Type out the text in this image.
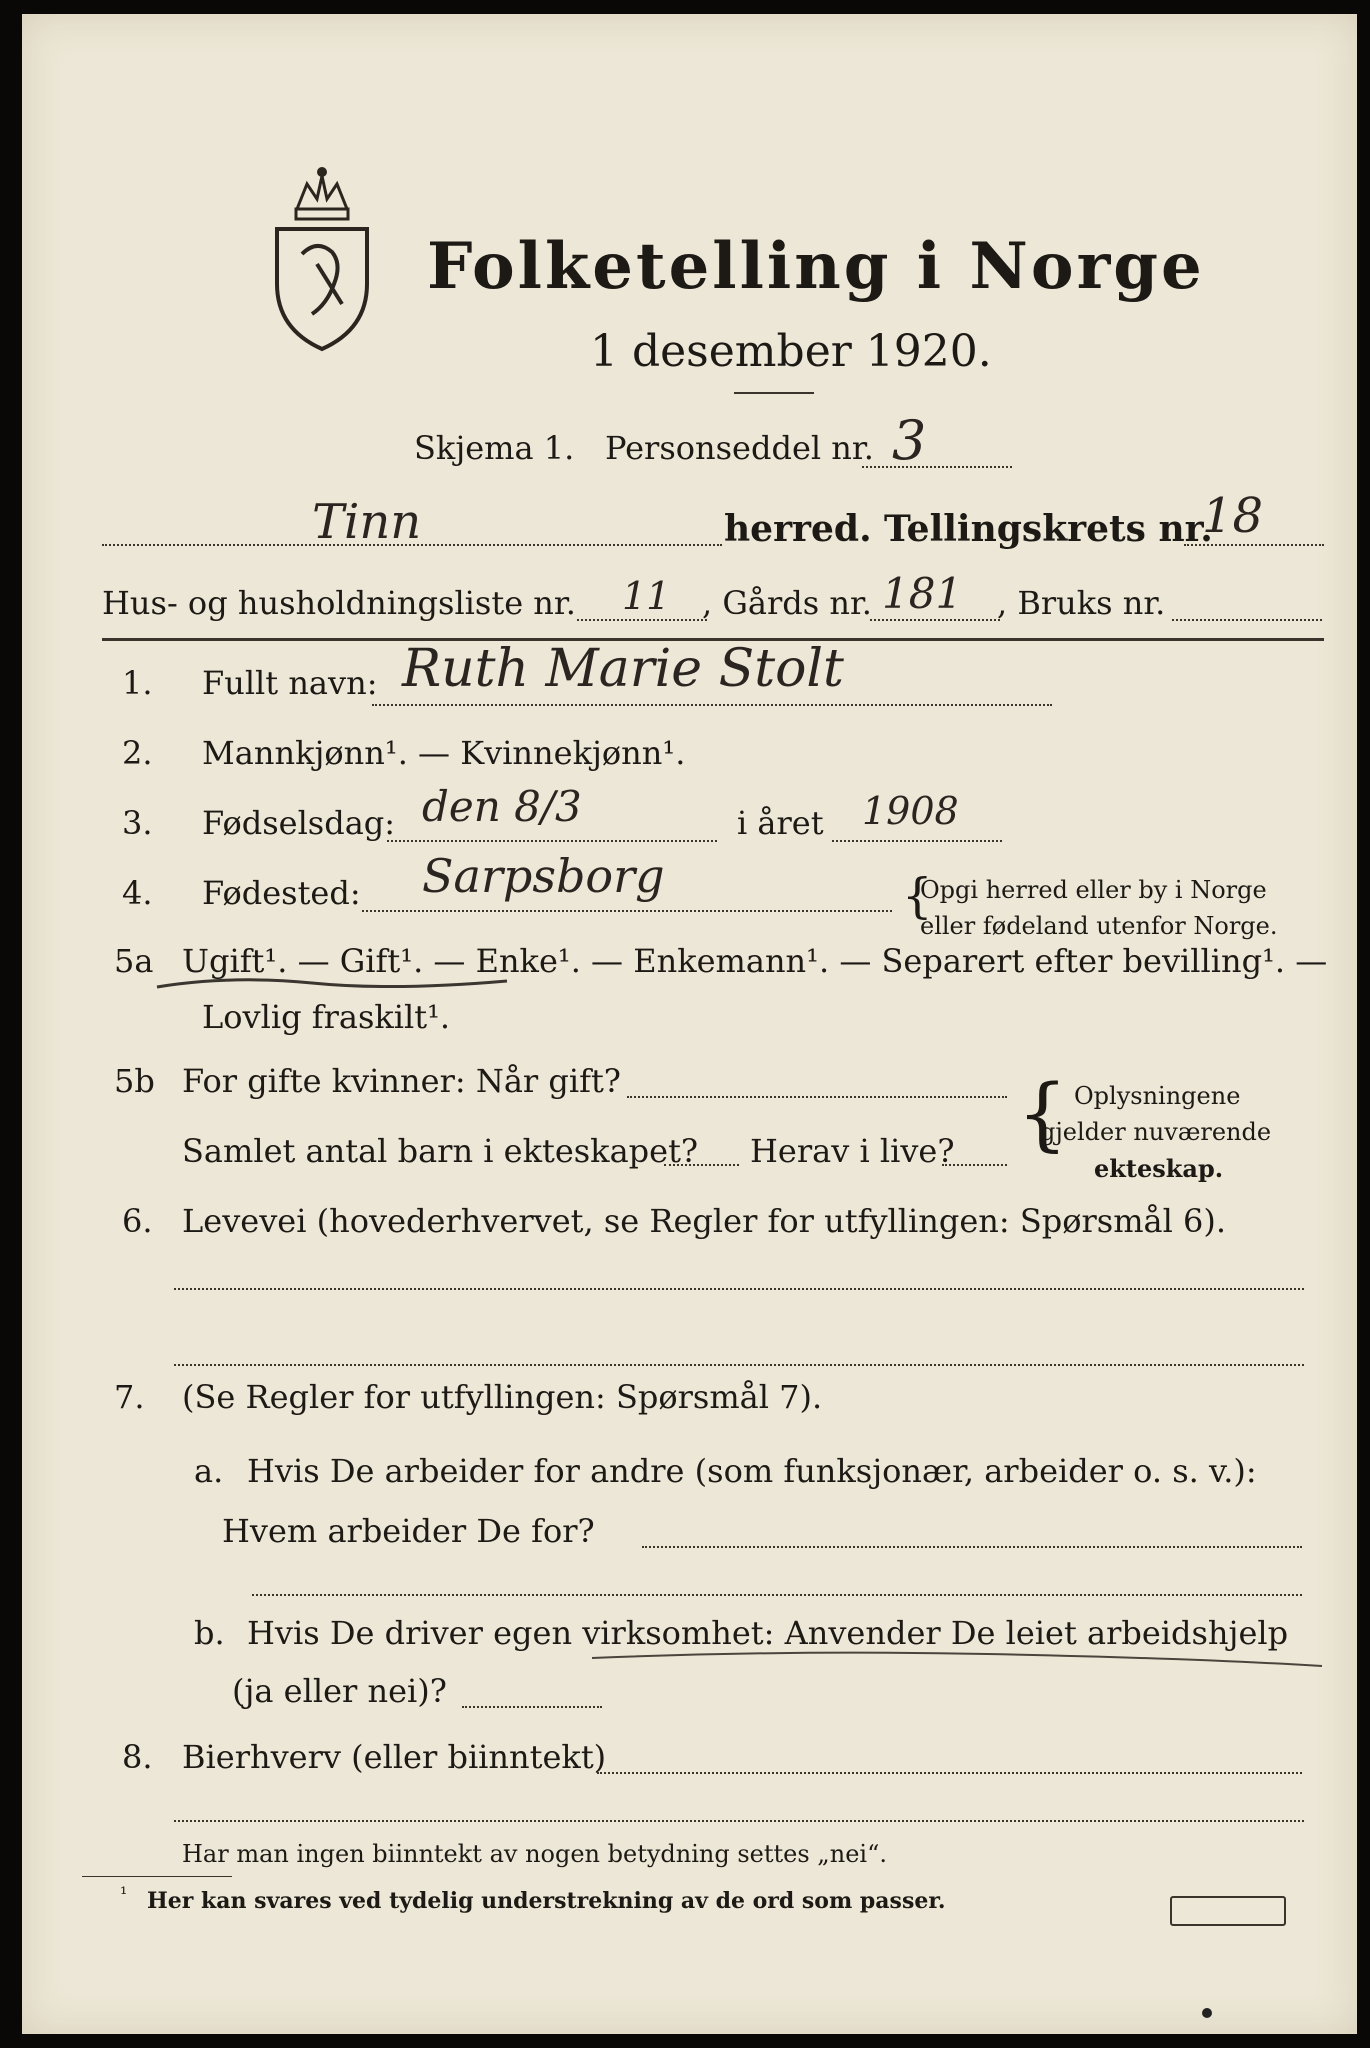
Folketelling i Norge
1 desember 1920.
Skjema 1. Personseddel nr. 3
Tinn	herred. Tellingskrets nr.
18
Hus- og husholdningsliste nr. 11 , Gårds nr. 181 , Bruks nr.
1. Fullt navn: Ruth Marie Stolt
2. Mannkjønn¹. — Kvinnekjønn¹.
3. Fødselsdag: den 8/3	i året 1908
4. Fødested: Sarpsborg	{
Opgi herred eller by i Norge
eller fødeland utenfor Norge.
5a Ugift¹. — Gift¹. — Enke¹. — Enkemann¹. — Separert efter bevilling¹. —
Lovlig fraskilt¹.
5b For gifte kvinner: Når gift?
Samlet antal barn i ekteskapet? Herav i live? { Oplysningene
gjelder nuværende
ekteskap.
6. Levevei (hovederhvervet, se Regler for utfyllingen: Spørsmål 6).
7. (Se Regler for utfyllingen: Spørsmål 7).
a. Hvis De arbeider for andre (som funksjonær, arbeider o. s. v.):
Hvem arbeider De for?
b. Hvis De driver egen virksomhet: Anvender De leiet arbeidshjelp
(ja eller nei)?
8. Bierhverv (eller biinntekt)
Har man ingen biinntekt av nogen betydning settes „nei“.
¹ Her kan svares ved tydelig understrekning av de ord som passer.
